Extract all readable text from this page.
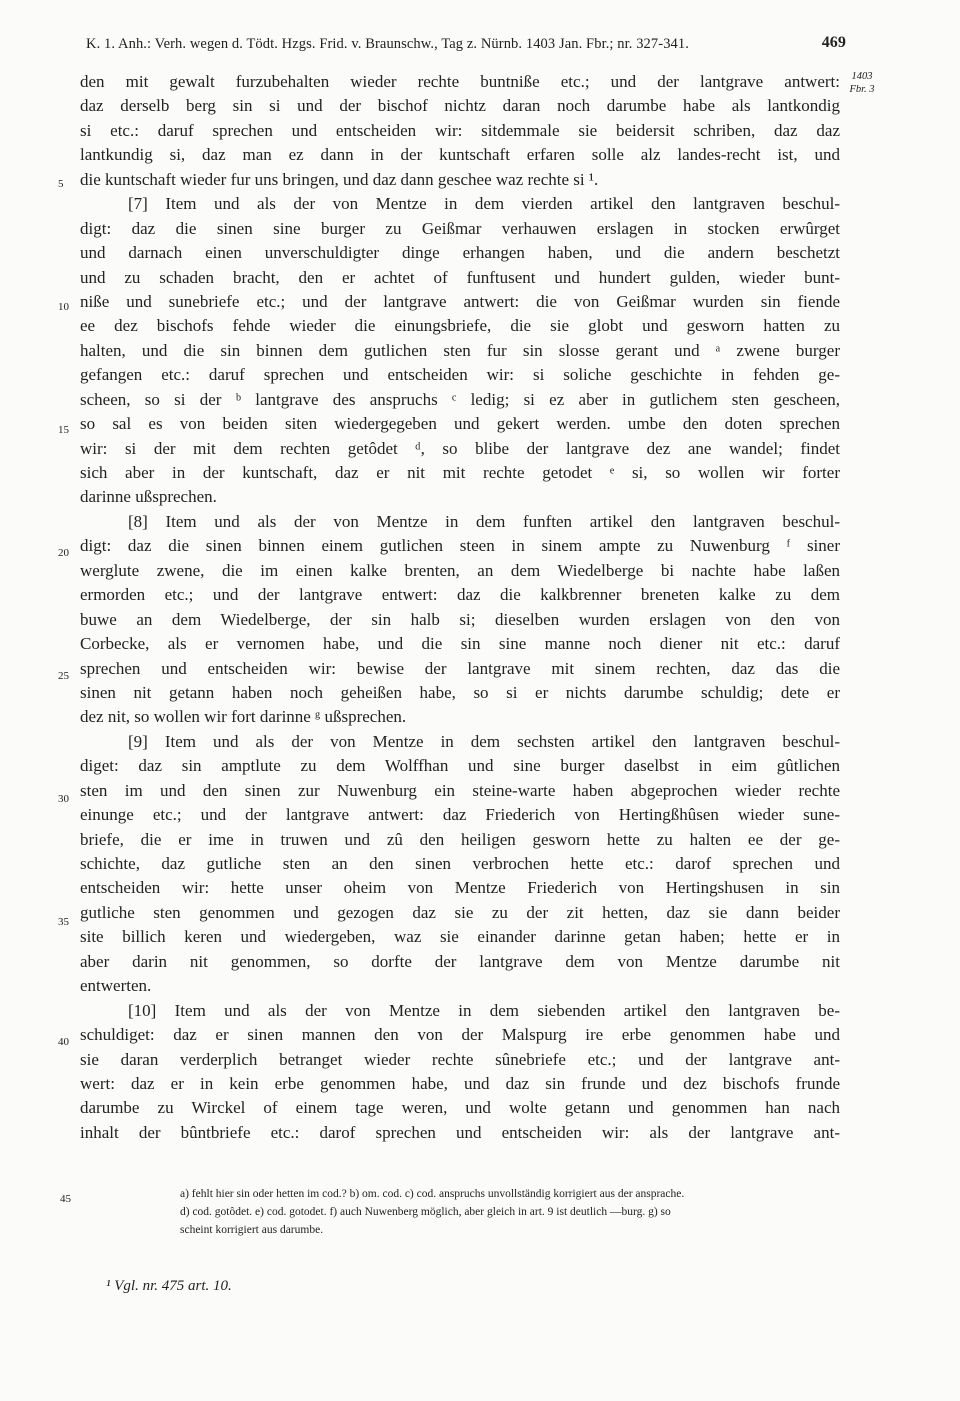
K. 1. Anh.: Verh. wegen d. Tödt. Hzgs. Frid. v. Braunschw., Tag z. Nürnb. 1403 Jan. Fbr.; nr. 327-341.	469
1403
Fbr. 3
den mit gewalt furzubehalten wieder rechte buntniße etc.; und der lantgrave antwert:
daz derselb berg sin si und der bischof nichtz daran noch darumbe habe als lantkondig
si etc.: daruf sprechen und entscheiden wir: sitdemmale sie beidersit schriben, daz daz
lantkundig si, daz man ez dann in der kuntschaft erfaren solle alz landes-recht ist, und
die kuntschaft wieder fur uns bringen, und daz dann geschee waz rechte si ¹.
[7] Item und als der von Mentze in dem vierden artikel den lantgraven beschul-
digt: daz die sinen sine burger zu Geißmar verhauwen erslagen in stocken erwûrget
und darnach einen unverschuldigter dinge erhangen haben, und die andern beschetzt
und zu schaden bracht, den er achtet of funftusent und hundert gulden, wieder bunt-
niße und sunebriefe etc.; und der lantgrave antwert: die von Geißmar wurden sin fiende
ee dez bischofs fehde wieder die einungsbriefe, die sie globt und gesworn hatten zu
halten, und die sin binnen dem gutlichen sten fur sin slosse gerant und ᵃ zwene burger
gefangen etc.: daruf sprechen und entscheiden wir: si soliche geschichte in fehden ge-
scheen, so si der ᵇ lantgrave des anspruchs ᶜ ledig; si ez aber in gutlichem sten gescheen,
so sal es von beiden siten wiedergegeben und gekert werden. umbe den doten sprechen
wir: si der mit dem rechten getôdet ᵈ, so blibe der lantgrave dez ane wandel; findet
sich aber in der kuntschaft, daz er nit mit rechte getodet ᵉ si, so wollen wir forter
darinne ußsprechen.
[8] Item und als der von Mentze in dem funften artikel den lantgraven beschul-
digt: daz die sinen binnen einem gutlichen steen in sinem ampte zu Nuwenburg ᶠ siner
werglute zwene, die im einen kalke brenten, an dem Wiedelberge bi nachte habe laßen
ermorden etc.; und der lantgrave entwert: daz die kalkbrenner breneten kalke zu dem
buwe an dem Wiedelberge, der sin halb si; dieselben wurden erslagen von den von
Corbecke, als er vernomen habe, und die sin sine manne noch diener nit etc.: daruf
sprechen und entscheiden wir: bewise der lantgrave mit sinem rechten, daz das die
sinen nit getann haben noch geheißen habe, so si er nichts darumbe schuldig; dete er
dez nit, so wollen wir fort darinne ᵍ ußsprechen.
[9] Item und als der von Mentze in dem sechsten artikel den lantgraven beschul-
diget: daz sin amptlute zu dem Wolffhan und sine burger daselbst in eim gûtlichen
sten im und den sinen zur Nuwenburg ein steine-warte haben abgeprochen wieder rechte
einunge etc.; und der lantgrave antwert: daz Friederich von Hertingßhûsen wieder sune-
briefe, die er ime in truwen und zû den heiligen gesworn hette zu halten ee der ge-
schichte, daz gutliche sten an den sinen verbrochen hette etc.: darof sprechen und
entscheiden wir: hette unser oheim von Mentze Friederich von Hertingshusen in sin
gutliche sten genommen und gezogen daz sie zu der zit hetten, daz sie dann beider
site billich keren und wiedergeben, waz sie einander darinne getan haben; hette er in
aber darin nit genommen, so dorfte der lantgrave dem von Mentze darumbe nit
entwerten.
[10] Item und als der von Mentze in dem siebenden artikel den lantgraven be-
schuldiget: daz er sinen mannen den von der Malspurg ire erbe genommen habe und
sie daran verderplich betranget wieder rechte sûnebriefe etc.; und der lantgrave ant-
wert: daz er in kein erbe genommen habe, und daz sin frunde und dez bischofs frunde
darumbe zu Wirckel of einem tage weren, und wolte getann und genommen han nach
inhalt der bûntbriefe etc.: darof sprechen und entscheiden wir: als der lantgrave ant-
5
10
15
20
25
30
35
40
45	a) fehlt hier sin oder hetten im cod.? b) om. cod. c) cod. anspruchs unvollständig korrigiert aus der ansprache.
d) cod. gotôdet. e) cod. gotodet. f) auch Nuwenberg möglich, aber gleich in art. 9 ist deutlich —burg. g) so
scheint korrigiert aus darumbe.
¹ Vgl. nr. 475 art. 10.
